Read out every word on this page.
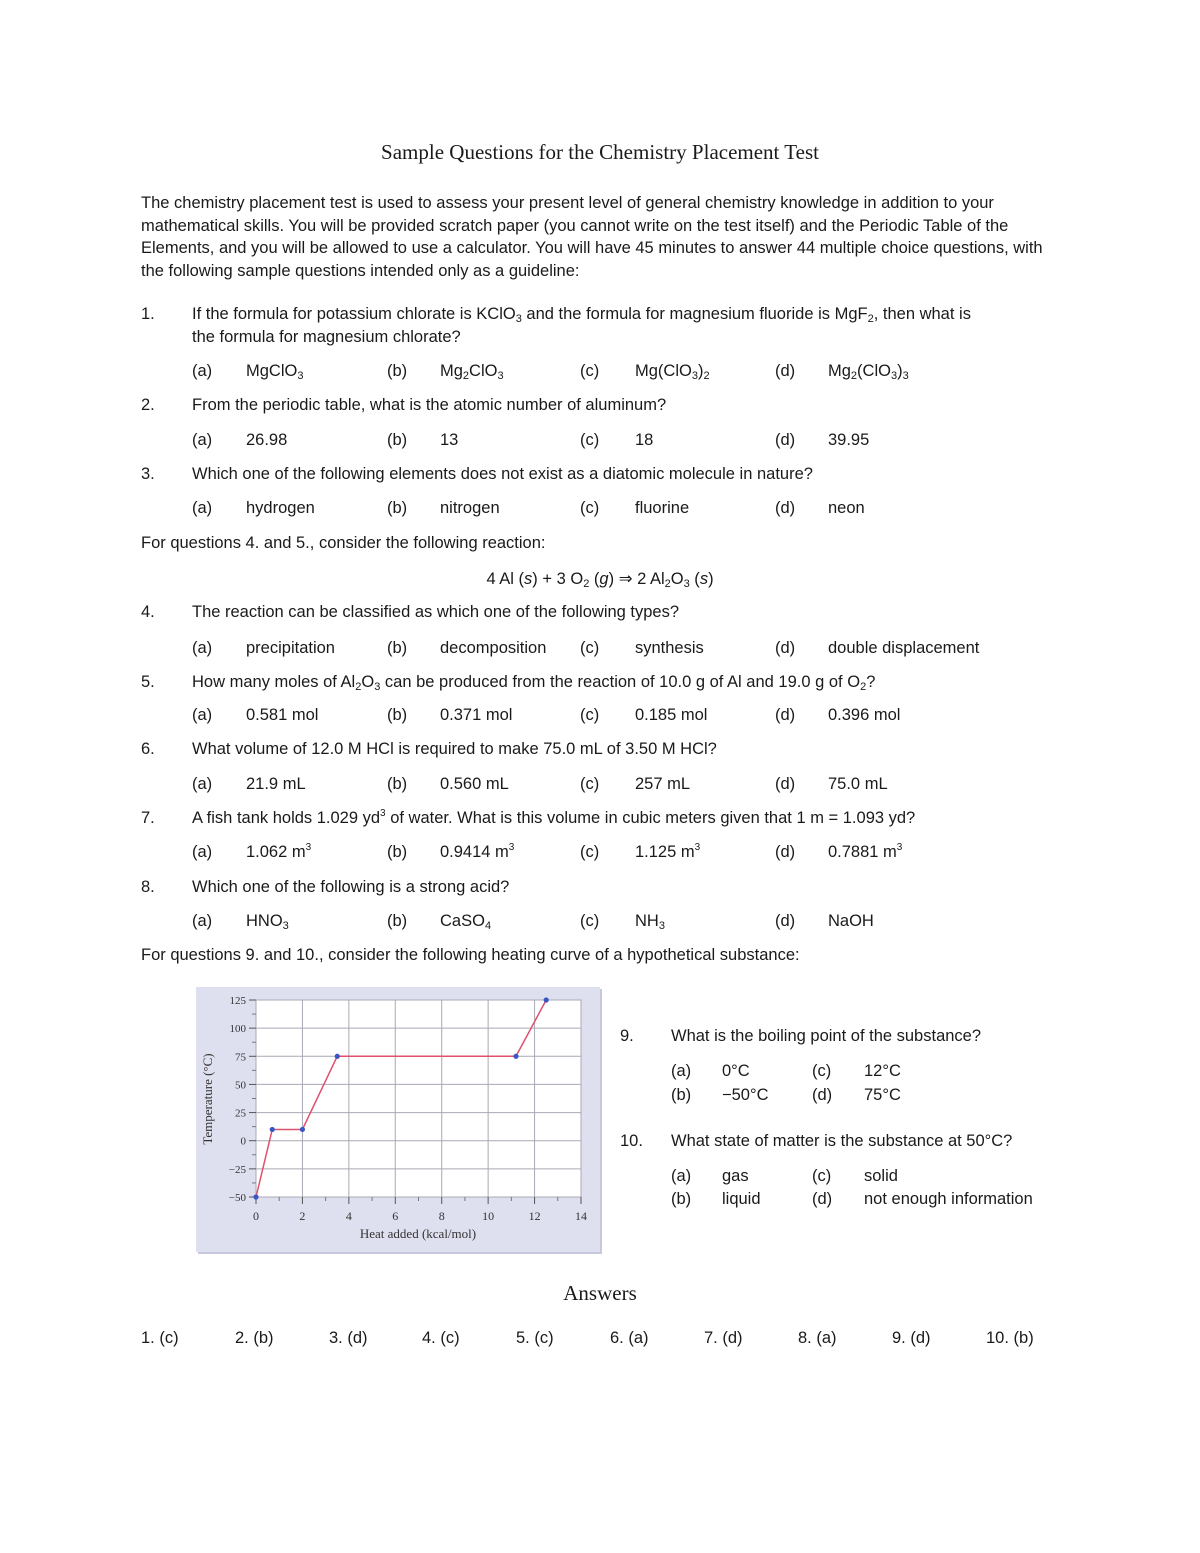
Sample Questions for the Chemistry Placement Test

The chemistry placement test is used to assess your present level of general chemistry knowledge in addition to your mathematical skills. You will be provided scratch paper (you cannot write on the test itself) and the Periodic Table of the Elements, and you will be allowed to use a calculator. You will have 45 minutes to answer 44 multiple choice questions, with the following sample questions intended only as a guideline:

1. If the formula for potassium chlorate is KClO$_3$ and the formula for magnesium fluoride is MgF$_2$, then what is
the formula for magnesium chlorate?
(a) MgClO$_3$	(b) $Mg_2ClO_3$	(c) $Mg(ClO_3)_2$	(d) $Mg_2(ClO_3)_3$
2. From the periodic table, what is the atomic number of aluminum?
(a) 26.98	(b) 13	(c) 18	(d) 39.95
3. Which one of the following elements does not exist as a diatomic molecule in nature?
(a) hydrogen	(b) nitrogen	(c) fluorine	(d) neon
For questions 4. and 5., consider the following reaction:
4 Al (s) + 3 $O_2$ (g) ⇒ 2 $Al_2O_3$ (s)
4. The reaction can be classified as which one of the following types?
(a) precipitation	(b) decomposition (c) synthesis	(d) double displacement
5. How many moles of $Al_2O_3$ can be produced from the reaction of 10.0 g of Al and 19.0 g of $O_2$?
(a) 0.581 mol	(b) 0.371 mol	(c) 0.185 mol	(d) 0.396 mol
6. What volume of 12.0 M HCl is required to make 75.0 mL of 3.50 M HCl?
(a) 21.9 mL	(b) 0.560 mL	(c) 257 mL	(d) 75.0 mL
7. A fish tank holds 1.029 $yd^3$ of water. What is this volume in cubic meters given that 1 m = 1.093 yd?
(a) 1.062 $m^3$	(b) 0.9414 $m^3$	(c) 1.125 $m^3$	(d) 0.7881 $m^3$
8. Which one of the following is a strong acid?
(a) $HNO_3$	(b) CaSO$_4$	(c) $NH_3$	(d) NaOH
For questions 9. and 10., consider the following heating curve of a hypothetical substance:
0	2	4	6	8	10	12	14
−50
−25
0
25
50
75
100
125
Heat added (kcal/mol)
Temperature (°C)
9. What is the boiling point of the substance?
(a) 0°C
(b) −50°C
(c) 12°C
(d) 75°C
10. What state of matter is the substance at 50°C?
(a) gas
(b) liquid
(c) solid
(d) not enough information
Answers
1. (c)	2. (b)	3. (d)	4. (c)	5. (c)	6. (a)	7. (d)	8. (a)	9. (d)	10. (b)
